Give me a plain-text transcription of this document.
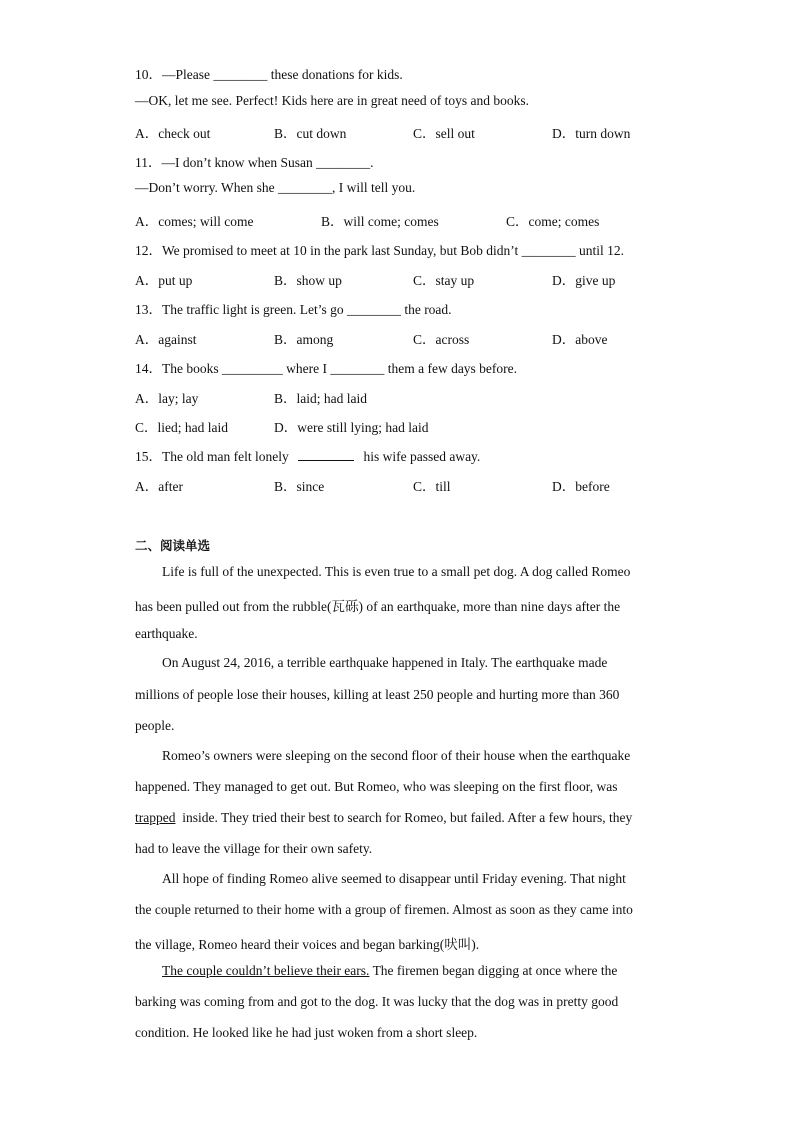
10．—Please ________ these donations for kids.
—OK, let me see. Perfect! Kids here are in great need of toys and books.
A．check out	B．cut down	C．sell out	D．turn down
11．—I don’t know when Susan ________.
—Don’t worry. When she ________, I will tell you.
A．comes; will come	B．will come; comes	C．come; comes
12．We promised to meet at 10 in the park last Sunday, but Bob didn’t ________ until 12.
A．put up	B．show up	C．stay up	D．give up
13．The traffic light is green. Let’s go ________ the road.
A．against	B．among	C．across	D．above
14．The books _________ where I ________ them a few days before.
A．lay; lay	B．laid; had laid
C．lied; had laid	D．were still lying; had laid
15．The old man felt lonely	his wife passed away.
A．after	B．since	C．till	D．before
二、阅读单选
Life is full of the unexpected. This is even true to a small pet dog. A dog called Romeo
has been pulled out from the rubble(瓦砾) of an earthquake, more than nine days after the
earthquake.
On August 24, 2016, a terrible earthquake happened in Italy. The earthquake made
millions of people lose their houses, killing at least 250 people and hurting more than 360
people.
Romeo’s owners were sleeping on the second floor of their house when the earthquake
happened. They managed to get out. But Romeo, who was sleeping on the first floor, was
trapped inside. They tried their best to search for Romeo, but failed. After a few hours, they
had to leave the village for their own safety.
All hope of finding Romeo alive seemed to disappear until Friday evening. That night
the couple returned to their home with a group of firemen. Almost as soon as they came into
the village, Romeo heard their voices and began barking(吠叫).
The couple couldn’t believe their ears. The firemen began digging at once where the
barking was coming from and got to the dog. It was lucky that the dog was in pretty good
condition. He looked like he had just woken from a short sleep.
